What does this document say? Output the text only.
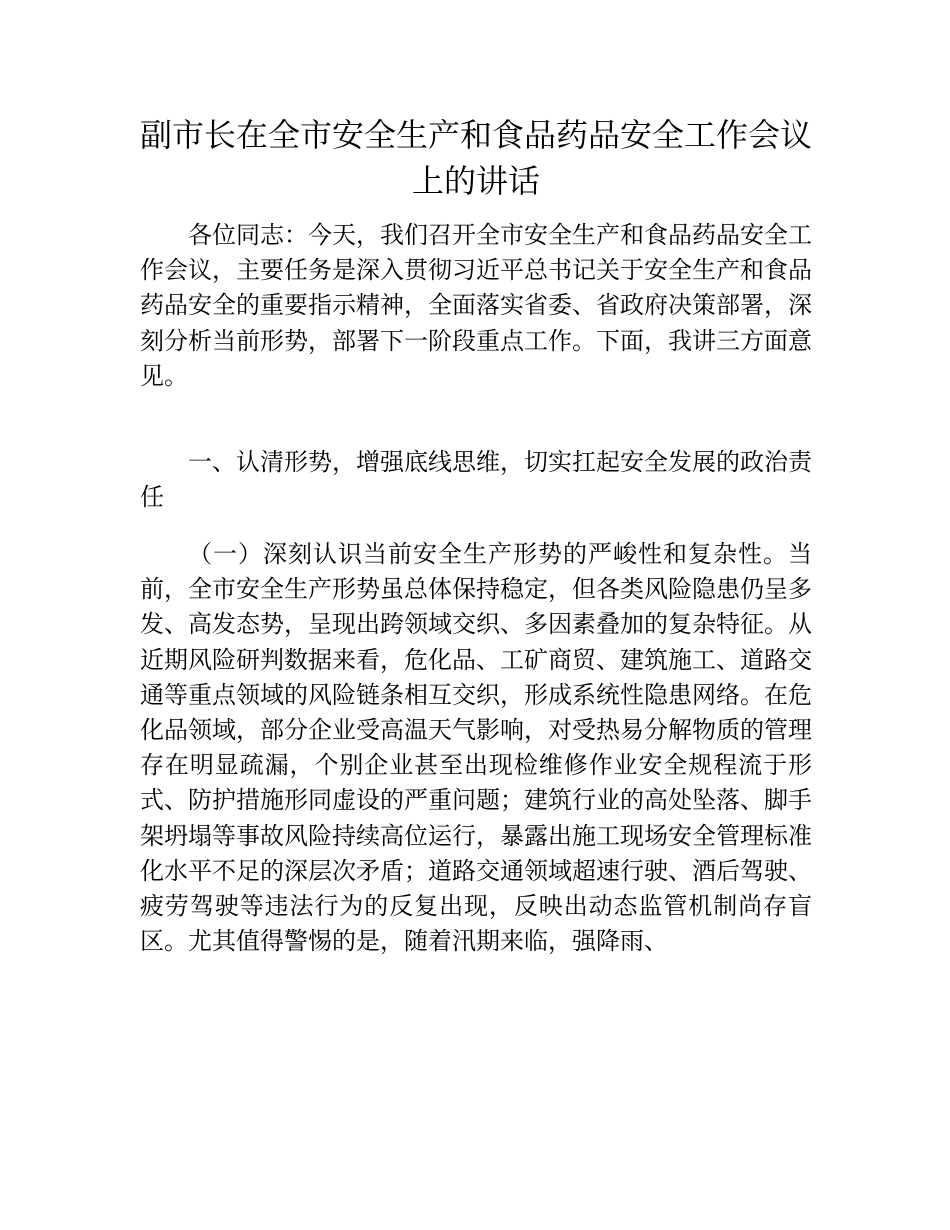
副市长在全市安全生产和食品药品安全工作会议上的讲话

各位同志：今天，我们召开全市安全生产和食品药品安全工作会议，主要任务是深入贯彻习近平总书记关于安全生产和食品药品安全的重要指示精神，全面落实省委、省政府决策部署，深刻分析当前形势，部署下一阶段重点工作。下面，我讲三方面意见。

一、认清形势，增强底线思维，切实扛起安全发展的政治责任

（一）深刻认识当前安全生产形势的严峻性和复杂性。当前，全市安全生产形势虽总体保持稳定，但各类风险隐患仍呈多发、高发态势，呈现出跨领域交织、多因素叠加的复杂特征。从近期风险研判数据来看，危化品、工矿商贸、建筑施工、道路交通等重点领域的风险链条相互交织，形成系统性隐患网络。在危化品领域，部分企业受高温天气影响，对受热易分解物质的管理存在明显疏漏，个别企业甚至出现检维修作业安全规程流于形式、防护措施形同虚设的严重问题；建筑行业的高处坠落、脚手架坍塌等事故风险持续高位运行，暴露出施工现场安全管理标准化水平不足的深层次矛盾；道路交通领域超速行驶、酒后驾驶、疲劳驾驶等违法行为的反复出现，反映出动态监管机制尚存盲区。尤其值得警惕的是，随着汛期来临，强降雨、
